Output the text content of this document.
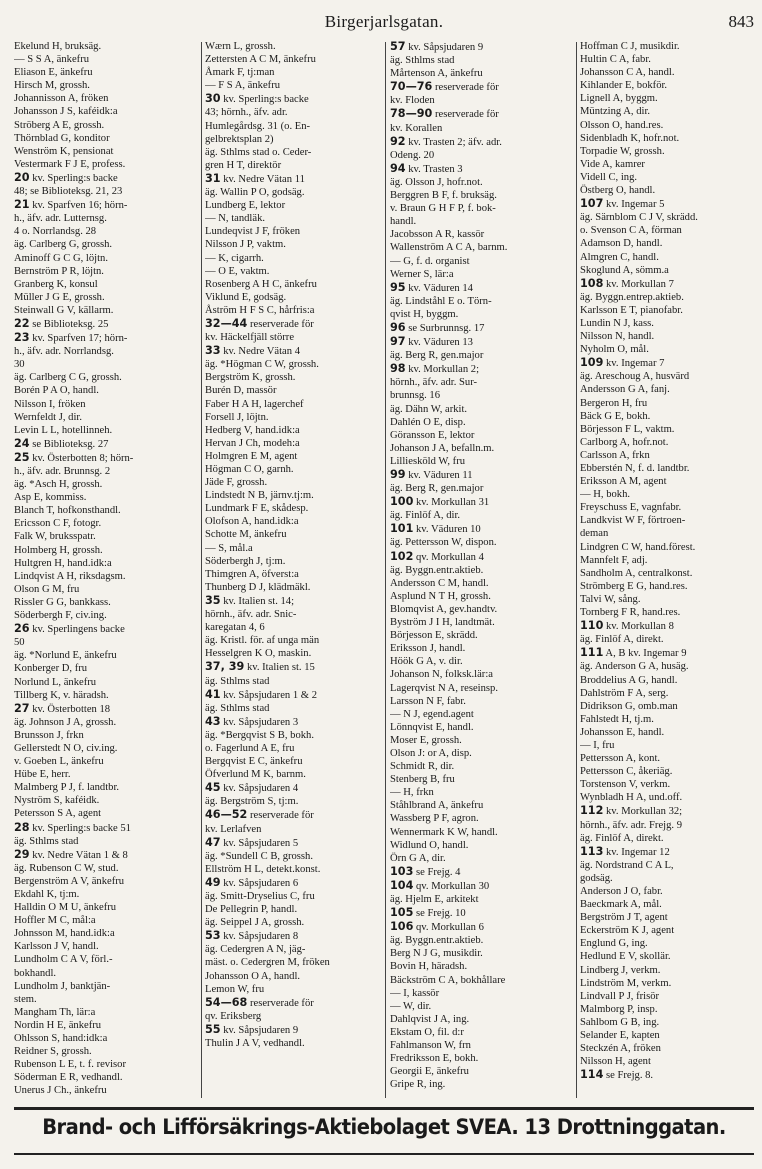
Birgerjarlsgatan.	843
Ekelund H, bruksäg.
— S S A, änkefru
Eliason E, änkefru
Hirsch M, grossh.
Johannisson A, fröken
Johansson J S, kaféidk:a
Ströberg A E, grossh.
Thörnblad G, konditor
Wenström K, pensionat
Vestermark F J E, profess.
20 kv. Sperling:s backe
48; se Biblioteksg. 21, 23
21 kv. Sparfven 16; hörn-
h., äfv. adr. Lutternsg.
4 o. Norrlandsg. 28
äg. Carlberg G, grossh.
Aminoff G C G, löjtn.
Bernström P R, löjtn.
Granberg K, konsul
Müller J G E, grossh.
Steinwall G V, källarm.
22 se Biblioteksg. 25
23 kv. Sparfven 17; hörn-
h., äfv. adr. Norrlandsg.
30
äg. Carlberg C G, grossh.
Borén P A O, handl.
Nilsson I, fröken
Wernfeldt J, dir.
Levin L L, hotellinneh.
24 se Biblioteksg. 27
25 kv. Österbotten 8; hörn-
h., äfv. adr. Brunnsg. 2
äg. *Asch H, grossh.
Asp E, kommiss.
Blanch T, hofkonsthandl.
Ericsson C F, fotogr.
Falk W, bruksspatr.
Holmberg H, grossh.
Hultgren H, hand.idk:a
Lindqvist A H, riksdagsm.
Olson G M, fru
Rissler G G, bankkass.
Söderbergh F, civ.ing.
26 kv. Sperlingens backe
50
äg. *Norlund E, änkefru
Konberger D, fru
Norlund L, änkefru
Tillberg K, v. häradsh.
27 kv. Österbotten 18
äg. Johnson J A, grossh.
Brunsson J, frkn
Gellerstedt N O, civ.ing.
v. Goeben L, änkefru
Hübe E, herr.
Malmberg P J, f. landtbr.
Nyström S, kaféidk.
Petersson S A, agent
28 kv. Sperling:s backe 51
äg. Sthlms stad
29 kv. Nedre Vätan 1 & 8
äg. Rubenson C W, stud.
Bergenström A V, änkefru
Ekdahl K, tj:m.
Halldin O M U, änkefru
Hoffler M C, mål:a
Johnsson M, hand.idk:a
Karlsson J V, handl.
Lundholm C A V, förl.-
bokhandl.
Lundholm J, banktjän-
stem.
Mangham Th, lär:a
Nordin H E, änkefru
Ohlsson S, hand:idk:a
Reidner S, grossh.
Rubenson L E, t. f. revisor
Söderman E R, vedhandl.
Unerus J Ch., änkefru
Wærn L, grossh.
Zettersten A C M, änkefru
Åmark F, tj:man
— F S A, änkefru
30 kv. Sperling:s backe
43; hörnh., äfv. adr.
Humlegårdsg. 31 (o. En-
gelbrektsplan 2)
äg. Sthlms stad o. Ceder-
gren H T, direktör
31 kv. Nedre Vätan 11
äg. Wallin P O, godsäg.
Lundberg E, lektor
— N, tandläk.
Lundeqvist J F, fröken
Nilsson J P, vaktm.
— K, cigarrh.
— O E, vaktm.
Rosenberg A H C, änkefru
Viklund E, godsäg.
Åström H F S C, hårfris:a
32—44 reserverade för
kv. Häckelfjäll större
33 kv. Nedre Vätan 4
äg. *Högman C W, grossh.
Bergström K, grossh.
Burén D, massör
Faber H A H, lagerchef
Forsell J, löjtn.
Hedberg V, hand.idk:a
Hervan J Ch, modeh:a
Holmgren E M, agent
Högman C O, garnh.
Jäde F, grossh.
Lindstedt N B, järnv.tj:m.
Lundmark F E, skådesp.
Olofson A, hand.idk:a
Schotte M, änkefru
— S, mål.a
Söderbergh J, tj:m.
Thimgren A, öfverst:a
Thunberg D J, klädmäkl.
35 kv. Italien st. 14;
hörnh., äfv. adr. Snic-
karegatan 4, 6
äg. Kristl. för. af unga män
Hesselgren K O, maskin.
37, 39 kv. Italien st. 15
äg. Sthlms stad
41 kv. Såpsjudaren 1 & 2
äg. Sthlms stad
43 kv. Såpsjudaren 3
äg. *Bergqvist S B, bokh.
o. Fagerlund A E, fru
Bergqvist E C, änkefru
Öfverlund M K, barnm.
45 kv. Såpsjudaren 4
äg. Bergström S, tj:m.
46—52 reserverade för
kv. Lerlafven
47 kv. Såpsjudaren 5
äg. *Sundell C B, grossh.
Ellström H L, detekt.konst.
49 kv. Såpsjudaren 6
äg. Smitt-Dryselius C, fru
De Pellegrin P, handl.
äg. Seippel J A, grossh.
53 kv. Såpsjudaren 8
äg. Cedergren A N, jäg-
mäst. o. Cedergren M, fröken
Johansson O A, handl.
Lemon W, fru
54—68 reserverade för
qv. Eriksberg
55 kv. Såpsjudaren 9
Thulin J A V, vedhandl.
57 kv. Såpsjudaren 9
äg. Sthlms stad
Mårtenson A, änkefru
70—76 reserverade för
kv. Floden
78—90 reserverade för
kv. Korallen
92 kv. Trasten 2; äfv. adr.
Odeng. 20
94 kv. Trasten 3
äg. Olsson J, hofr.not.
Berggren B F, f. bruksäg.
v. Braun G H F P, f. bok-
handl.
Jacobsson A R, kassör
Wallenström A C A, barnm.
— G, f. d. organist
Werner S, lär:a
95 kv. Väduren 14
äg. Lindståhl E o. Törn-
qvist H, byggm.
96 se Surbrunnsg. 17
97 kv. Väduren 13
äg. Berg R, gen.major
98 kv. Morkullan 2;
hörnh., äfv. adr. Sur-
brunnsg. 16
äg. Dähn W, arkit.
Dahlén O E, disp.
Göransson E, lektor
Johanson J A, befalln.m.
Lilliesköld W, fru
99 kv. Väduren 11
äg. Berg R, gen.major
100 kv. Morkullan 31
äg. Finlöf A, dir.
101 kv. Väduren 10
äg. Pettersson W, dispon.
102 qv. Morkullan 4
äg. Byggn.entr.aktieb.
Andersson C M, handl.
Asplund N T H, grossh.
Blomqvist A, gev.handtv.
Byström J I H, landtmät.
Börjesson E, skrädd.
Eriksson J, handl.
Höök G A, v. dir.
Johanson N, folksk.lär:a
Lagerqvist N A, reseinsp.
Larsson N F, fabr.
— N J, egend.agent
Lönnqvist E, handl.
Moser E, grossh.
Olson J: or A, disp.
Schmidt R, dir.
Stenberg B, fru
— H, frkn
Ståhlbrand A, änkefru
Wassberg P F, agron.
Wennermark K W, handl.
Widlund O, handl.
Örn G A, dir.
103 se Frejg. 4
104 qv. Morkullan 30
äg. Hjelm E, arkitekt
105 se Frejg. 10
106 qv. Morkullan 6
äg. Byggn.entr.aktieb.
Berg N J G, musikdir.
Bovin H, häradsh.
Bäckström C A, bokhållare
— I, kassör
— W, dir.
Dahlqvist J A, ing.
Ekstam O, fil. d:r
Fahlmanson W, frn
Fredriksson E, bokh.
Georgii E, änkefru
Gripe R, ing.
Hoffman C J, musikdir.
Hultin C A, fabr.
Johansson C A, handl.
Kihlander E, bokför.
Lignell A, byggm.
Müntzing A, dir.
Olsson O, hand.res.
Sidenbladh K, hofr.not.
Torpadie W, grossh.
Vide A, kamrer
Videll C, ing.
Östberg O, handl.
107 kv. Ingemar 5
äg. Särnblom C J V, skrädd.
o. Svenson C A, förman
Adamson D, handl.
Almgren C, handl.
Skoglund A, sömm.a
108 kv. Morkullan 7
äg. Byggn.entrep.aktieb.
Karlsson E T, pianofabr.
Lundin N J, kass.
Nilsson N, handl.
Nyholm O, mål.
109 kv. Ingemar 7
äg. Areschoug A, husvärd
Andersson G A, fanj.
Bergeron H, fru
Bäck G E, bokh.
Börjesson F L, vaktm.
Carlborg A, hofr.not.
Carlsson A, frkn
Ebberstén N, f. d. landtbr.
Eriksson A M, agent
— H, bokh.
Freyschuss E, vagnfabr.
Landkvist W F, förtroen-
deman
Lindgren C W, hand.förest.
Mannfelt F, adj.
Sandholm A, centralkonst.
Strömberg E G, hand.res.
Talvi W, sång.
Tornberg F R, hand.res.
110 kv. Morkullan 8
äg. Finlöf A, direkt.
111 A, B kv. Ingemar 9
äg. Anderson G A, husäg.
Broddelius A G, handl.
Dahlström F A, serg.
Didrikson G, omb.man
Fahlstedt H, tj.m.
Johansson E, handl.
— I, fru
Pettersson A, kont.
Pettersson C, åkeriäg.
Torstenson V, verkm.
Wynbladh H A, und.off.
112 kv. Morkullan 32;
hörnh., äfv. adr. Frejg. 9
äg. Finlöf A, direkt.
113 kv. Ingemar 12
äg. Nordstrand C A L,
godsäg.
Anderson J O, fabr.
Baeckmark A, mål.
Bergström J T, agent
Eckerström K J, agent
Englund G, ing.
Hedlund E V, skollär.
Lindberg J, verkm.
Lindström M, verkm.
Lindvall P J, frisör
Malmborg P, insp.
Sahlbom G B, ing.
Selander E, kapten
Steckzén A, fröken
Nilsson H, agent
114 se Frejg. 8.
Brand- och Lifförsäkrings-Aktiebolaget SVEA. 13 Drottninggatan.
